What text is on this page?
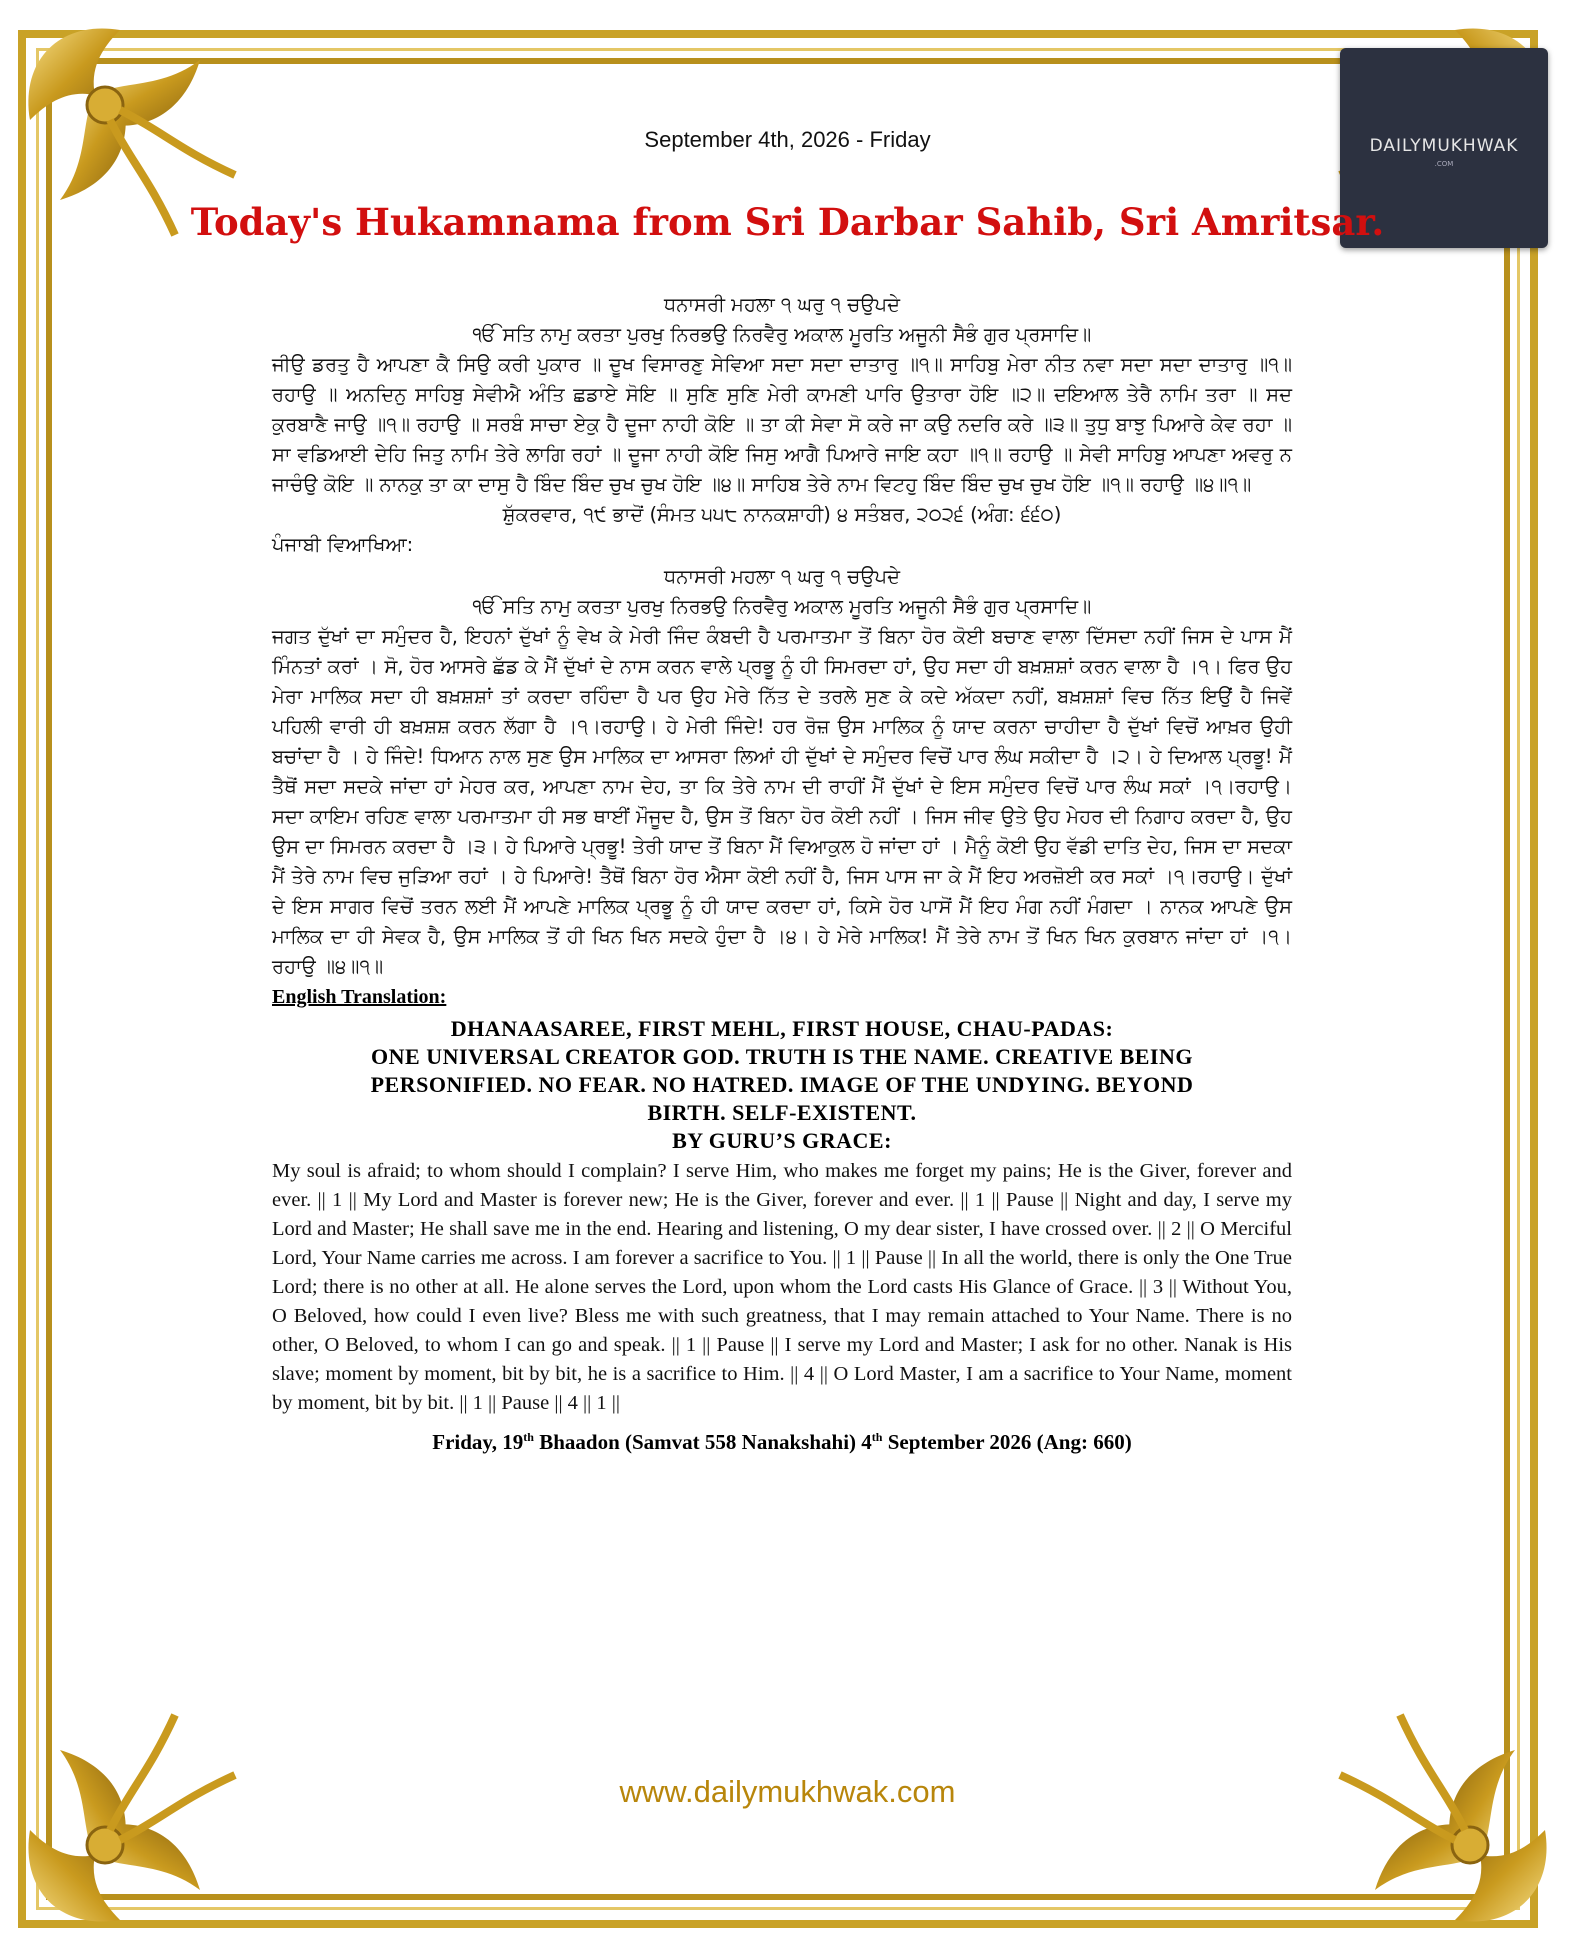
DAILYMUKHWAK
.COM
September 4th, 2026 - Friday
Today's Hukamnama from Sri Darbar Sahib, Sri Amritsar.
ਧਨਾਸਰੀ ਮਹਲਾ ੧ ਘਰੁ ੧ ਚਉਪਦੇ
ੴ ਸਤਿ ਨਾਮੁ ਕਰਤਾ ਪੁਰਖੁ ਨਿਰਭਉ ਨਿਰਵੈਰੁ ਅਕਾਲ ਮੂਰਤਿ ਅਜੂਨੀ ਸੈਭੰ ਗੁਰ ਪ੍ਰਸਾਦਿ॥
ਜੀਉ ਡਰਤੁ ਹੈ ਆਪਣਾ ਕੈ ਸਿਉ ਕਰੀ ਪੁਕਾਰ ॥ ਦੂਖ ਵਿਸਾਰਣੁ ਸੇਵਿਆ ਸਦਾ ਸਦਾ ਦਾਤਾਰੁ ॥੧॥ ਸਾਹਿਬੁ ਮੇਰਾ ਨੀਤ ਨਵਾ ਸਦਾ ਸਦਾ ਦਾਤਾਰੁ ॥੧॥ ਰਹਾਉ ॥ ਅਨਦਿਨੁ ਸਾਹਿਬੁ ਸੇਵੀਐ ਅੰਤਿ ਛਡਾਏ ਸੋਇ ॥ ਸੁਣਿ ਸੁਣਿ ਮੇਰੀ ਕਾਮਣੀ ਪਾਰਿ ਉਤਾਰਾ ਹੋਇ ॥੨॥ ਦਇਆਲ ਤੇਰੈ ਨਾਮਿ ਤਰਾ ॥ ਸਦ ਕੁਰਬਾਣੈ ਜਾਉ ॥੧॥ ਰਹਾਉ ॥ ਸਰਬੰ ਸਾਚਾ ਏਕੁ ਹੈ ਦੂਜਾ ਨਾਹੀ ਕੋਇ ॥ ਤਾ ਕੀ ਸੇਵਾ ਸੋ ਕਰੇ ਜਾ ਕਉ ਨਦਰਿ ਕਰੇ ॥੩॥ ਤੁਧੁ ਬਾਝੁ ਪਿਆਰੇ ਕੇਵ ਰਹਾ ॥ ਸਾ ਵਡਿਆਈ ਦੇਹਿ ਜਿਤੁ ਨਾਮਿ ਤੇਰੇ ਲਾਗਿ ਰਹਾਂ ॥ ਦੂਜਾ ਨਾਹੀ ਕੋਇ ਜਿਸੁ ਆਗੈ ਪਿਆਰੇ ਜਾਇ ਕਹਾ ॥੧॥ ਰਹਾਉ ॥ ਸੇਵੀ ਸਾਹਿਬੁ ਆਪਣਾ ਅਵਰੁ ਨ ਜਾਚੰਉ ਕੋਇ ॥ ਨਾਨਕੁ ਤਾ ਕਾ ਦਾਸੁ ਹੈ ਬਿੰਦ ਬਿੰਦ ਚੁਖ ਚੁਖ ਹੋਇ ॥੪॥ ਸਾਹਿਬ ਤੇਰੇ ਨਾਮ ਵਿਟਹੁ ਬਿੰਦ ਬਿੰਦ ਚੁਖ ਚੁਖ ਹੋਇ ॥੧॥ ਰਹਾਉ ॥੪॥੧॥
ਸ਼ੁੱਕਰਵਾਰ, ੧੯ ਭਾਦੋਂ (ਸੰਮਤ ੫੫੮ ਨਾਨਕਸ਼ਾਹੀ) ੪ ਸਤੰਬਰ, ੨੦੨੬ (ਅੰਗ: ੬੬੦)
ਪੰਜਾਬੀ ਵਿਆਖਿਆ:
ਧਨਾਸਰੀ ਮਹਲਾ ੧ ਘਰੁ ੧ ਚਉਪਦੇ
ੴ ਸਤਿ ਨਾਮੁ ਕਰਤਾ ਪੁਰਖੁ ਨਿਰਭਉ ਨਿਰਵੈਰੁ ਅਕਾਲ ਮੂਰਤਿ ਅਜੂਨੀ ਸੈਭੰ ਗੁਰ ਪ੍ਰਸਾਦਿ॥
ਜਗਤ ਦੁੱਖਾਂ ਦਾ ਸਮੁੰਦਰ ਹੈ, ਇਹਨਾਂ ਦੁੱਖਾਂ ਨੂੰ ਵੇਖ ਕੇ ਮੇਰੀ ਜਿੰਦ ਕੰਬਦੀ ਹੈ ਪਰਮਾਤਮਾ ਤੋਂ ਬਿਨਾ ਹੋਰ ਕੋਈ ਬਚਾਣ ਵਾਲਾ ਦਿੱਸਦਾ ਨਹੀਂ ਜਿਸ ਦੇ ਪਾਸ ਮੈਂ ਮਿੰਨਤਾਂ ਕਰਾਂ । ਸੋ, ਹੋਰ ਆਸਰੇ ਛੱਡ ਕੇ ਮੈਂ ਦੁੱਖਾਂ ਦੇ ਨਾਸ ਕਰਨ ਵਾਲੇ ਪ੍ਰਭੂ ਨੂੰ ਹੀ ਸਿਮਰਦਾ ਹਾਂ, ਉਹ ਸਦਾ ਹੀ ਬਖ਼ਸ਼ਸ਼ਾਂ ਕਰਨ ਵਾਲਾ ਹੈ ।੧। ਫਿਰ ਉਹ ਮੇਰਾ ਮਾਲਿਕ ਸਦਾ ਹੀ ਬਖ਼ਸ਼ਸ਼ਾਂ ਤਾਂ ਕਰਦਾ ਰਹਿੰਦਾ ਹੈ ਪਰ ਉਹ ਮੇਰੇ ਨਿੱਤ ਦੇ ਤਰਲੇ ਸੁਣ ਕੇ ਕਦੇ ਅੱਕਦਾ ਨਹੀਂ, ਬਖ਼ਸ਼ਸ਼ਾਂ ਵਿਚ ਨਿੱਤ ਇਉਂ ਹੈ ਜਿਵੇਂ ਪਹਿਲੀ ਵਾਰੀ ਹੀ ਬਖ਼ਸ਼ਸ਼ ਕਰਨ ਲੱਗਾ ਹੈ ।੧।ਰਹਾਉ। ਹੇ ਮੇਰੀ ਜਿੰਦੇ! ਹਰ ਰੋਜ਼ ਉਸ ਮਾਲਿਕ ਨੂੰ ਯਾਦ ਕਰਨਾ ਚਾਹੀਦਾ ਹੈ ਦੁੱਖਾਂ ਵਿਚੋਂ ਆਖ਼ਰ ਉਹੀ ਬਚਾਂਦਾ ਹੈ । ਹੇ ਜਿੰਦੇ! ਧਿਆਨ ਨਾਲ ਸੁਣ ਉਸ ਮਾਲਿਕ ਦਾ ਆਸਰਾ ਲਿਆਂ ਹੀ ਦੁੱਖਾਂ ਦੇ ਸਮੁੰਦਰ ਵਿਚੋਂ ਪਾਰ ਲੰਘ ਸਕੀਦਾ ਹੈ ।੨। ਹੇ ਦਿਆਲ ਪ੍ਰਭੂ! ਮੈਂ ਤੈਥੋਂ ਸਦਾ ਸਦਕੇ ਜਾਂਦਾ ਹਾਂ ਮੇਹਰ ਕਰ, ਆਪਣਾ ਨਾਮ ਦੇਹ, ਤਾ ਕਿ ਤੇਰੇ ਨਾਮ ਦੀ ਰਾਹੀਂ ਮੈਂ ਦੁੱਖਾਂ ਦੇ ਇਸ ਸਮੁੰਦਰ ਵਿਚੋਂ ਪਾਰ ਲੰਘ ਸਕਾਂ ।੧।ਰਹਾਉ। ਸਦਾ ਕਾਇਮ ਰਹਿਣ ਵਾਲਾ ਪਰਮਾਤਮਾ ਹੀ ਸਭ ਥਾਈਂ ਮੌਜੂਦ ਹੈ, ਉਸ ਤੋਂ ਬਿਨਾ ਹੋਰ ਕੋਈ ਨਹੀਂ । ਜਿਸ ਜੀਵ ਉਤੇ ਉਹ ਮੇਹਰ ਦੀ ਨਿਗਾਹ ਕਰਦਾ ਹੈ, ਉਹ ਉਸ ਦਾ ਸਿਮਰਨ ਕਰਦਾ ਹੈ ।੩। ਹੇ ਪਿਆਰੇ ਪ੍ਰਭੂ! ਤੇਰੀ ਯਾਦ ਤੋਂ ਬਿਨਾ ਮੈਂ ਵਿਆਕੁਲ ਹੋ ਜਾਂਦਾ ਹਾਂ । ਮੈਨੂੰ ਕੋਈ ਉਹ ਵੱਡੀ ਦਾਤਿ ਦੇਹ, ਜਿਸ ਦਾ ਸਦਕਾ ਮੈਂ ਤੇਰੇ ਨਾਮ ਵਿਚ ਜੁੜਿਆ ਰਹਾਂ । ਹੇ ਪਿਆਰੇ! ਤੈਥੋਂ ਬਿਨਾ ਹੋਰ ਐਸਾ ਕੋਈ ਨਹੀਂ ਹੈ, ਜਿਸ ਪਾਸ ਜਾ ਕੇ ਮੈਂ ਇਹ ਅਰਜ਼ੋਈ ਕਰ ਸਕਾਂ ।੧।ਰਹਾਉ। ਦੁੱਖਾਂ ਦੇ ਇਸ ਸਾਗਰ ਵਿਚੋਂ ਤਰਨ ਲਈ ਮੈਂ ਆਪਣੇ ਮਾਲਿਕ ਪ੍ਰਭੂ ਨੂੰ ਹੀ ਯਾਦ ਕਰਦਾ ਹਾਂ, ਕਿਸੇ ਹੋਰ ਪਾਸੋਂ ਮੈਂ ਇਹ ਮੰਗ ਨਹੀਂ ਮੰਗਦਾ । ਨਾਨਕ ਆਪਣੇ ਉਸ ਮਾਲਿਕ ਦਾ ਹੀ ਸੇਵਕ ਹੈ, ਉਸ ਮਾਲਿਕ ਤੋਂ ਹੀ ਖਿਨ ਖਿਨ ਸਦਕੇ ਹੁੰਦਾ ਹੈ ।੪। ਹੇ ਮੇਰੇ ਮਾਲਿਕ! ਮੈਂ ਤੇਰੇ ਨਾਮ ਤੋਂ ਖਿਨ ਖਿਨ ਕੁਰਬਾਨ ਜਾਂਦਾ ਹਾਂ ।੧।ਰਹਾਉ ॥੪॥੧॥
English Translation:
DHANAASAREE, FIRST MEHL, FIRST HOUSE, CHAU-PADAS:
ONE UNIVERSAL CREATOR GOD. TRUTH IS THE NAME. CREATIVE BEING
PERSONIFIED. NO FEAR. NO HATRED. IMAGE OF THE UNDYING. BEYOND
BIRTH. SELF-EXISTENT.
BY GURU’S GRACE:
My soul is afraid; to whom should I complain? I serve Him, who makes me forget my pains; He is the Giver, forever and ever. || 1 || My Lord and Master is forever new; He is the Giver, forever and ever. || 1 || Pause || Night and day, I serve my Lord and Master; He shall save me in the end. Hearing and listening, O my dear sister, I have crossed over. || 2 || O Merciful Lord, Your Name carries me across. I am forever a sacrifice to You. || 1 || Pause || In all the world, there is only the One True Lord; there is no other at all. He alone serves the Lord, upon whom the Lord casts His Glance of Grace. || 3 || Without You, O Beloved, how could I even live? Bless me with such greatness, that I may remain attached to Your Name. There is no other, O Beloved, to whom I can go and speak. || 1 || Pause || I serve my Lord and Master; I ask for no other. Nanak is His slave; moment by moment, bit by bit, he is a sacrifice to Him. || 4 || O Lord Master, I am a sacrifice to Your Name, moment by moment, bit by bit. || 1 || Pause || 4 || 1 ||
Friday, 19th Bhaadon (Samvat 558 Nanakshahi) 4th September 2026 (Ang: 660)
www.dailymukhwak.com
